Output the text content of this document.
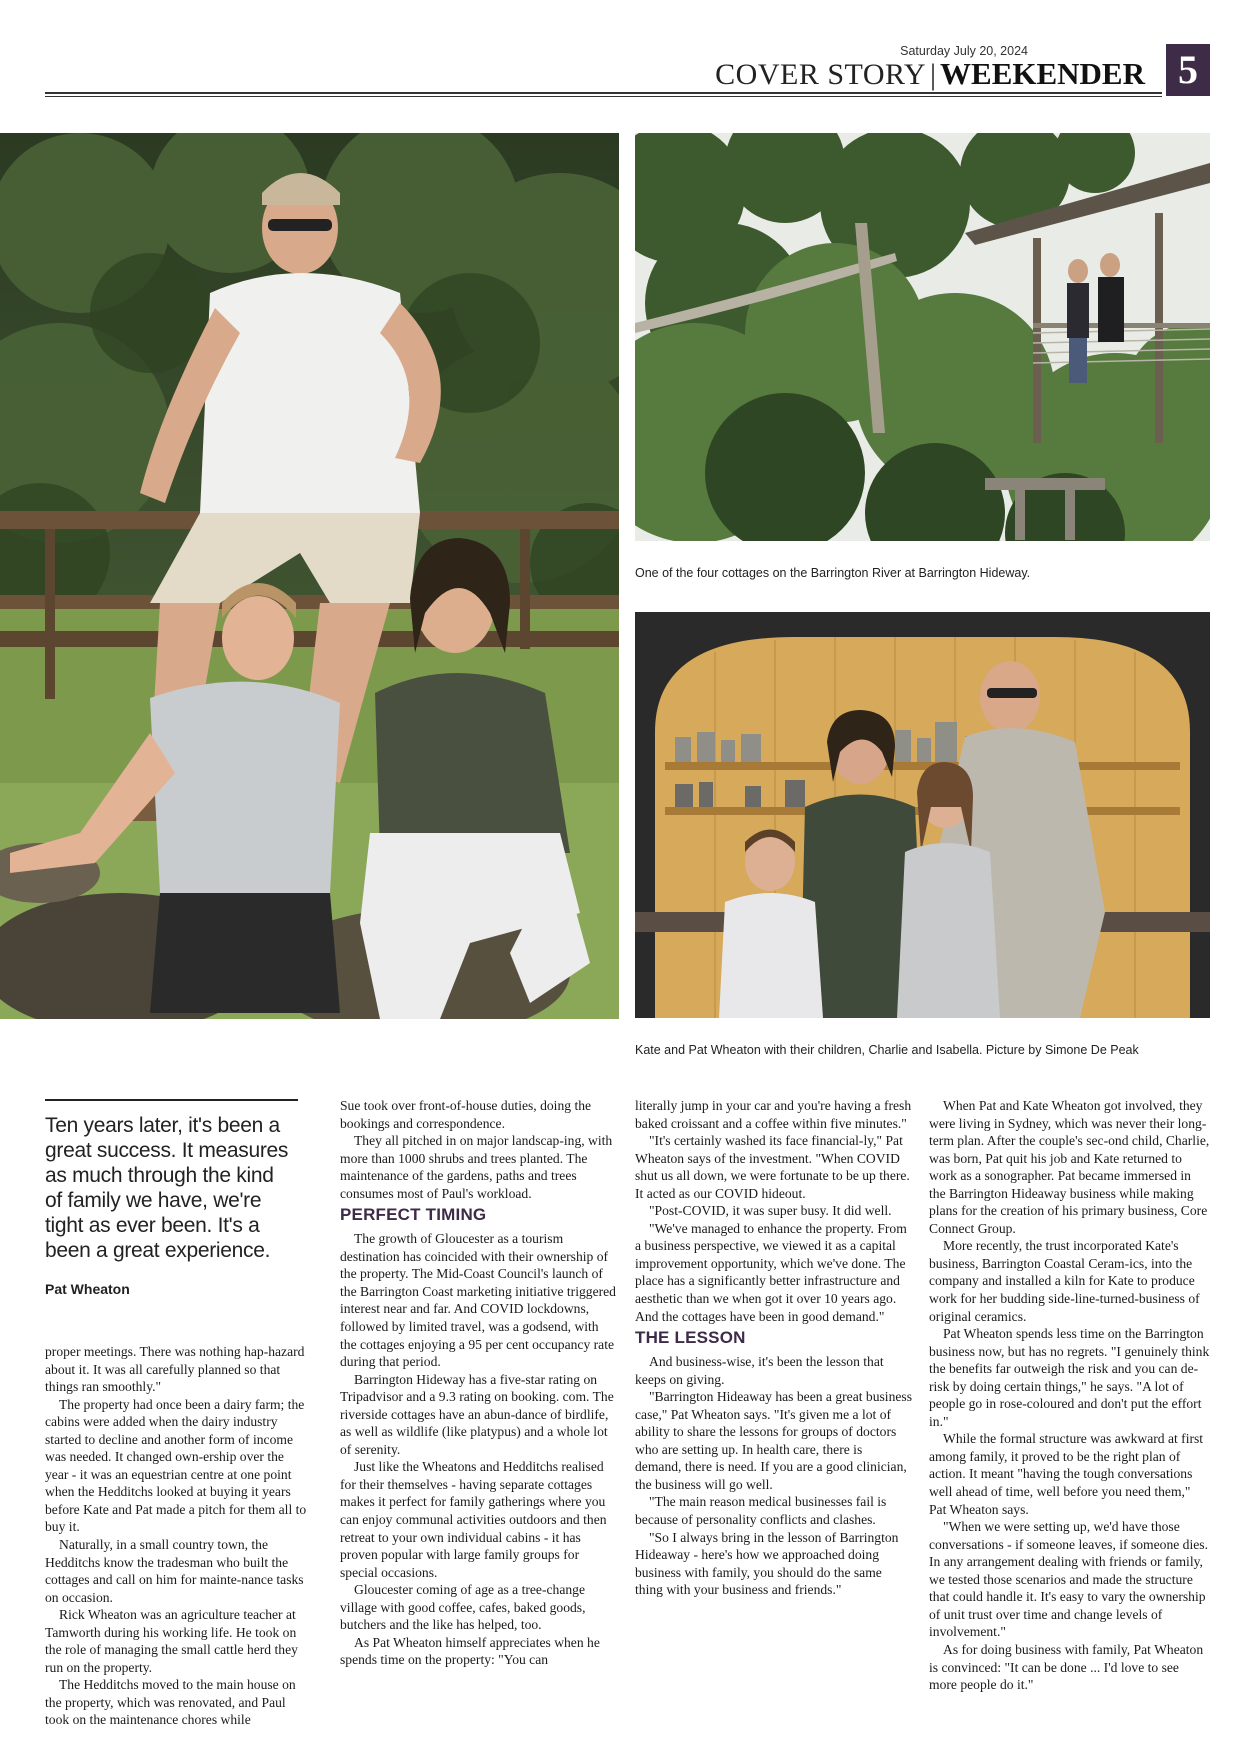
Saturday July 20, 2024
COVER STORY | WEEKENDER 5
One of the four cottages on the Barrington River at Barrington Hideway.
Kate and Pat Wheaton with their children, Charlie and Isabella. Picture by Simone De Peak
Ten years later, it's been a
great success. It measures
as much through the kind
of family we have, we're
tight as ever been. It's a
been a great experience.
Pat Wheaton

proper meetings. There was nothing hap-hazard about it. It was all carefully planned so that things ran smoothly."

The property had once been a dairy farm; the cabins were added when the dairy industry started to decline and another form of income was needed. It changed own-ership over the year - it was an equestrian centre at one point when the Hedditchs looked at buying it years before Kate and Pat made a pitch for them all to buy it.

Naturally, in a small country town, the Hedditchs know the tradesman who built the cottages and call on him for mainte-nance tasks on occasion.

Rick Wheaton was an agriculture teacher at Tamworth during his working life. He took on the role of managing the small cattle herd they run on the property.

The Hedditchs moved to the main house on the property, which was renovated, and Paul took on the maintenance chores while

Sue took over front-of-house duties, doing the bookings and correspondence.

They all pitched in on major landscap-ing, with more than 1000 shrubs and trees planted. The maintenance of the gardens, paths and trees consumes most of Paul's workload.

PERFECT TIMING

The growth of Gloucester as a tourism destination has coincided with their ownership of the property. The Mid-Coast Council's launch of the Barrington Coast marketing initiative triggered interest near and far. And COVID lockdowns, followed by limited travel, was a godsend, with the cottages enjoying a 95 per cent occupancy rate during that period.

Barrington Hideway has a five-star rating on Tripadvisor and a 9.3 rating on booking. com. The riverside cottages have an abun-dance of birdlife, as well as wildlife (like platypus) and a whole lot of serenity.

Just like the Wheatons and Hedditchs realised for their themselves - having separate cottages makes it perfect for family gatherings where you can enjoy communal activities outdoors and then retreat to your own individual cabins - it has proven popular with large family groups for special occasions.

Gloucester coming of age as a tree-change village with good coffee, cafes, baked goods, butchers and the like has helped, too.

As Pat Wheaton himself appreciates when he spends time on the property: "You can

literally jump in your car and you're having a fresh baked croissant and a coffee within five minutes."

"It's certainly washed its face financial-ly," Pat Wheaton says of the investment. "When COVID shut us all down, we were fortunate to be up there. It acted as our COVID hideout.

"Post-COVID, it was super busy. It did well.

"We've managed to enhance the property. From a business perspective, we viewed it as a capital improvement opportunity, which we've done. The place has a significantly better infrastructure and aesthetic than we when got it over 10 years ago. And the cottages have been in good demand."

THE LESSON

And business-wise, it's been the lesson that keeps on giving.

"Barrington Hideaway has been a great business case," Pat Wheaton says. "It's given me a lot of ability to share the lessons for groups of doctors who are setting up. In health care, there is demand, there is need. If you are a good clinician, the business will go well.

"The main reason medical businesses fail is because of personality conflicts and clashes.

"So I always bring in the lesson of Barrington Hideaway - here's how we approached doing business with family, you should do the same thing with your business and friends."

When Pat and Kate Wheaton got involved, they were living in Sydney, which was never their long-term plan. After the couple's sec-ond child, Charlie, was born, Pat quit his job and Kate returned to work as a sonographer. Pat became immersed in the Barrington Hideaway business while making plans for the creation of his primary business, Core Connect Group.

More recently, the trust incorporated Kate's business, Barrington Coastal Ceram-ics, into the company and installed a kiln for Kate to produce work for her budding side-line-turned-business of original ceramics.

Pat Wheaton spends less time on the Barrington business now, but has no regrets. "I genuinely think the benefits far outweigh the risk and you can de-risk by doing certain things," he says. "A lot of people go in rose-coloured and don't put the effort in."

While the formal structure was awkward at first among family, it proved to be the right plan of action. It meant "having the tough conversations well ahead of time, well before you need them," Pat Wheaton says.

"When we were setting up, we'd have those conversations - if someone leaves, if someone dies. In any arrangement dealing with friends or family, we tested those scenarios and made the structure that could handle it. It's easy to vary the ownership of unit trust over time and change levels of involvement."

As for doing business with family, Pat Wheaton is convinced: "It can be done ... I'd love to see more people do it."
